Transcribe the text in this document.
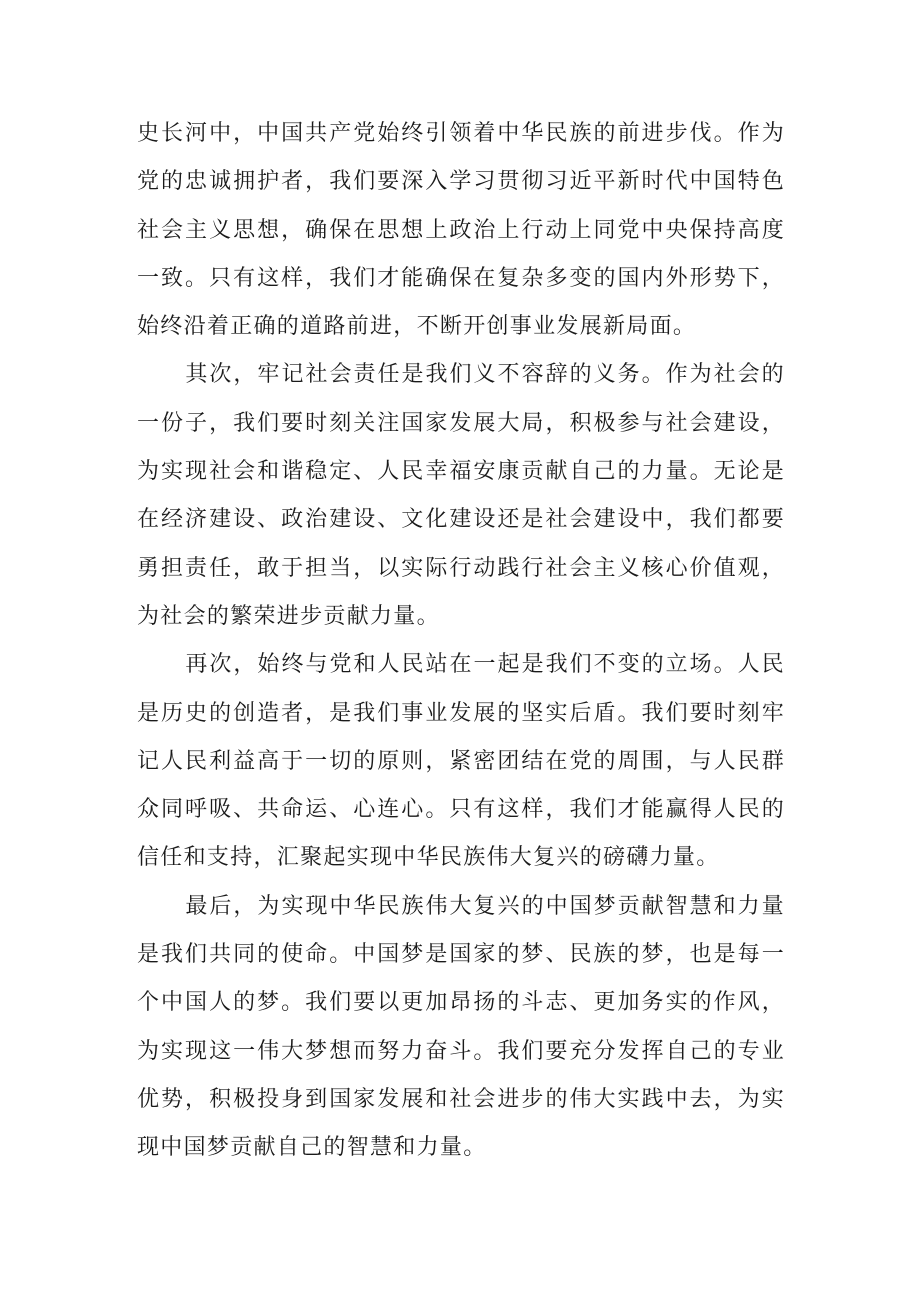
史长河中，中国共产党始终引领着中华民族的前进步伐。作为党的忠诚拥护者，我们要深入学习贯彻习近平新时代中国特色社会主义思想，确保在思想上政治上行动上同党中央保持高度一致。只有这样，我们才能确保在复杂多变的国内外形势下，始终沿着正确的道路前进，不断开创事业发展新局面。

其次，牢记社会责任是我们义不容辞的义务。作为社会的一份子，我们要时刻关注国家发展大局，积极参与社会建设，为实现社会和谐稳定、人民幸福安康贡献自己的力量。无论是在经济建设、政治建设、文化建设还是社会建设中，我们都要勇担责任，敢于担当，以实际行动践行社会主义核心价值观，为社会的繁荣进步贡献力量。

再次，始终与党和人民站在一起是我们不变的立场。人民是历史的创造者，是我们事业发展的坚实后盾。我们要时刻牢记人民利益高于一切的原则，紧密团结在党的周围，与人民群众同呼吸、共命运、心连心。只有这样，我们才能赢得人民的信任和支持，汇聚起实现中华民族伟大复兴的磅礴力量。

最后，为实现中华民族伟大复兴的中国梦贡献智慧和力量是我们共同的使命。中国梦是国家的梦、民族的梦，也是每一个中国人的梦。我们要以更加昂扬的斗志、更加务实的作风，为实现这一伟大梦想而努力奋斗。我们要充分发挥自己的专业优势，积极投身到国家发展和社会进步的伟大实践中去，为实现中国梦贡献自己的智慧和力量。
